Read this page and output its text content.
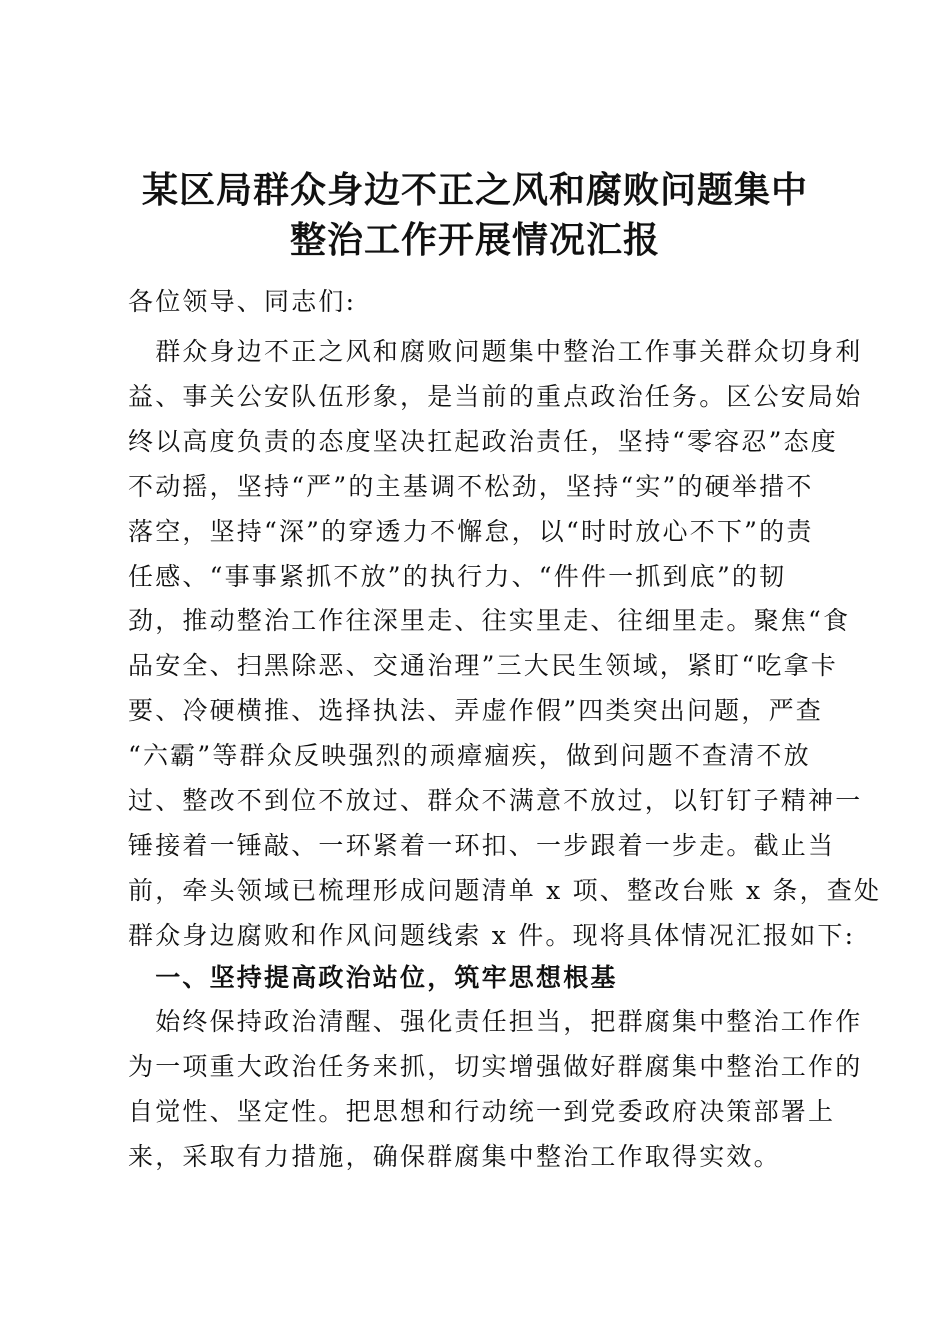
某区局群众身边不正之风和腐败问题集中
整治工作开展情况汇报
各位领导、同志们:
　群众身边不正之风和腐败问题集中整治工作事关群众切身利
益、事关公安队伍形象，是当前的重点政治任务。区公安局始
终以高度负责的态度坚决扛起政治责任，坚持“零容忍”态度
不动摇，坚持“严”的主基调不松劲，坚持“实”的硬举措不
落空，坚持“深”的穿透力不懈怠，以“时时放心不下”的责
任感、“事事紧抓不放”的执行力、“件件一抓到底”的韧
劲，推动整治工作往深里走、往实里走、往细里走。聚焦“食
品安全、扫黑除恶、交通治理”三大民生领域，紧盯“吃拿卡
要、冷硬横推、选择执法、弄虚作假”四类突出问题，严查
“六霸”等群众反映强烈的顽瘴痼疾，做到问题不查清不放
过、整改不到位不放过、群众不满意不放过，以钉钉子精神一
锤接着一锤敲、一环紧着一环扣、一步跟着一步走。截止当
前，牵头领域已梳理形成问题清单 x 项、整改台账 x 条，查处
群众身边腐败和作风问题线索 x 件。现将具体情况汇报如下:
　一、坚持提高政治站位，筑牢思想根基
　始终保持政治清醒、强化责任担当，把群腐集中整治工作作
为一项重大政治任务来抓，切实增强做好群腐集中整治工作的
自觉性、坚定性。把思想和行动统一到党委政府决策部署上
来，采取有力措施，确保群腐集中整治工作取得实效。
